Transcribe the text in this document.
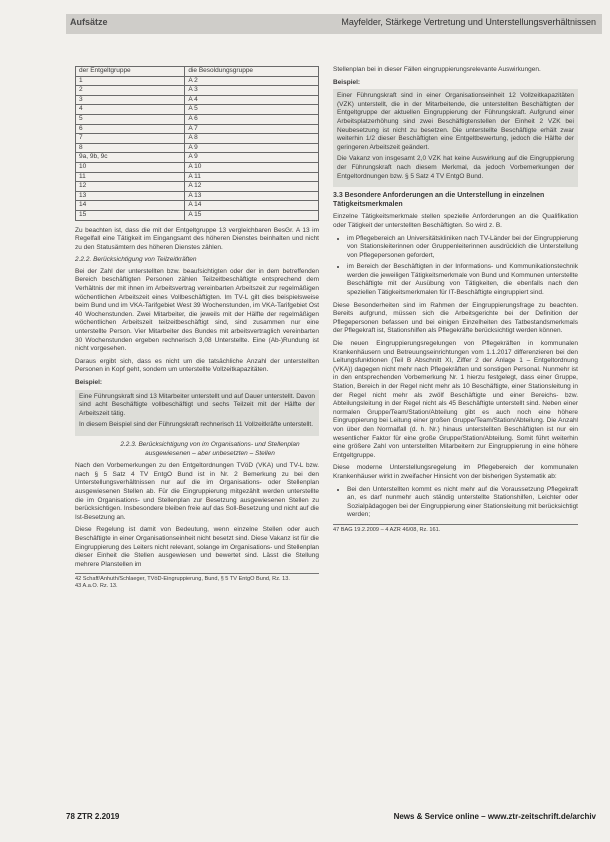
Aufsätze	Mayfelder, Stärkege Vertretung und Unterstellungsverhältnissen
der Entgeltgruppe	die Besoldungsgruppe
1	A 2
2	A 3
3	A 4
4	A 5
5	A 6
6	A 7
7	A 8
8	A 9
9a, 9b, 9c	A 9
10	A 10
11	A 11
12	A 12
13	A 13
14	A 14
15	A 15

Zu beachten ist, dass die mit der Entgeltgruppe 13 vergleichbaren BesGr. A 13 im Regelfall eine Tätigkeit im Eingangsamt des höheren Dienstes beinhalten und nicht zu den Statusämtern des höheren Dienstes zählen.

2.2.2. Berücksichtigung von Teilzeitkräften

Bei der Zahl der unterstellten bzw. beaufsichtigten oder der in dem betreffenden Bereich beschäftigten Personen zählen Teilzeitbeschäftigte entsprechend dem Verhältnis der mit ihnen im Arbeitsvertrag vereinbarten Arbeitszeit zur regelmäßigen wöchentlichen Arbeitszeit eines Vollbeschäftigten. Im TV-L gilt dies beispielsweise beim Bund und im VKA-Tarifgebiet West 39 Wochenstunden, im VKA-Tarifgebiet Ost 40 Wochenstunden. Zwei Mitarbeiter, die jeweils mit der Hälfte der regelmäßigen wöchentlichen Arbeitszeit teilzeitbeschäftigt sind, sind zusammen nur eine unterstellte Person. Vier Mitarbeiter des Bundes mit arbeitsvertraglich vereinbarten 30 Wochenstunden ergeben rechnerisch 3,08 Unterstellte. Eine (Ab-)Rundung ist nicht vorgesehen.

Daraus ergibt sich, dass es nicht um die tatsächliche Anzahl der unterstellten Personen in Kopf geht, sondern um unterstellte Vollzeitkapazitäten.

Beispiel:

Eine Führungskraft sind 13 Mitarbeiter unterstellt und auf Dauer unterstellt. Davon sind acht Beschäftigte vollbeschäftigt und sechs Teilzeit mit der Hälfte der Arbeitszeit tätig.

In diesem Beispiel sind der Führungskraft rechnerisch 11 Vollzeitkräfte unterstellt.

2.2.3. Berücksichtigung von im Organisations- und Stellenplan ausgewiesenen – aber unbesetzten – Stellen

Nach den Vorbemerkungen zu den Entgeltordnungen TVöD (VKA) und TV-L bzw. nach § 5 Satz 4 TV EntgO Bund ist in Nr. 2 Bemerkung zu bei den Unterstellungsverhältnissen nur auf die im Organisations- oder Stellenplan ausgewiesenen Stellen ab. Für die Eingruppierung mitgezählt werden unterstellte die im Organisations- und Stellenplan zur Besetzung ausgewiesenen Stellen zu berücksichtigen. Insbesondere bleiben freie auf das Soll-Besetzung und nicht auf die Ist-Besetzung an.

Diese Regelung ist damit von Bedeutung, wenn einzelne Stellen oder auch Beschäftigte in einer Organisationseinheit nicht besetzt sind. Diese Vakanz ist für die Eingruppierung des Leiters nicht relevant, solange im Organisations- und Stellenplan dieser Einheit die Stellen ausgewiesen und bewertet sind. Lässt die Stellung mehrere Planstellen im

42 Schaff/Anhuth/Schlaeger, TVöD-Eingruppierung, Bund, § 5 TV EntgO Bund, Rz. 13.
43 A.a.O. Rz. 13.

Stellenplan bei in dieser Fällen eingruppierungsrelevante Auswirkungen.

Beispiel:

Einer Führungskraft sind in einer Organisationseinheit 12 Vollzeitkapazitäten (VZK) unterstellt, die in der Mitarbeitende, die unterstellten Beschäftigten der Entgeltgruppe der aktuellen Eingruppierung der Führungskraft. Aufgrund einer Arbeitsplatzerhöhung sind zwei Beschäftigtenstellen der Einheit 2 VZK bei Neubesetzung ist nicht zu besetzen. Die unterstellte Beschäftigte erhält zwar weiterhin 1/2 dieser Beschäftigten eine Entgeltbewertung, jedoch die Hälfte der geringeren Arbeitszeit geändert.

Die Vakanz von insgesamt 2,0 VZK hat keine Auswirkung auf die Eingruppierung der Führungskraft nach diesem Merkmal, da jedoch Vorbemerkungen der Entgeltordnungen bzw. § 5 Satz 4 TV EntgO Bund.

3.3 Besondere Anforderungen an die Unterstellung in einzelnen Tätigkeitsmerkmalen

Einzelne Tätigkeitsmerkmale stellen spezielle Anforderungen an die Qualifikation oder Tätigkeit der unterstellten Beschäftigten. So wird z. B.

• im Pflegebereich an Universitätskliniken nach TV-Länder bei der Eingruppierung von Stationsleiterinnen oder Gruppenleiterinnen ausdrücklich die Unterstellung von Pflegepersonen gefordert,
• im Bereich der Beschäftigten in der Informations- und Kommunikationstechnik werden die jeweiligen Tätigkeitsmerkmale von Bund und Kommunen unterstellte Beschäftigte mit der Ausübung von Tätigkeiten, die ebenfalls nach den speziellen Tätigkeitsmerkmalen für IT-Beschäftigte eingruppiert sind.

Diese Besonderheiten sind im Rahmen der Eingruppierungsfrage zu beachten. Bereits aufgrund, müssen sich die Arbeitsgerichte bei der Definition der Pflegepersonen befassen und bei einigen Einzelheiten des Tatbestandsmerkmals der Pflegekraft ist, Stationshilfen als Pflegekräfte berücksichtigt werden können.

Die neuen Eingruppierungsregelungen von Pflegekräften in kommunalen Krankenhäusern und Betreuungseinrichtungen vom 1.1.2017 differenzieren bei den Leitungsfunktionen (Teil B Abschnitt XI, Ziffer 2 der Anlage 1 – Entgeltordnung (VKA)) dagegen nicht mehr nach Pflegekräften und sonstigen Personal. Nunmehr ist in den entsprechenden Vorbemerkung Nr. 1 hierzu festgelegt, dass einer Gruppe, Station, Bereich in der Regel nicht mehr als 10 Beschäftigte, einer Stationsleitung in der Regel nicht mehr als zwölf Beschäftigte und einer Bereichs- bzw. Abteilungsleitung in der Regel nicht als 45 Beschäftigte unterstellt sind. Neben einer normalen Gruppe/Team/Station/Abteilung gibt es auch noch eine höhere Eingruppierung bei Leitung einer großen Gruppe/Team/Station/Abteilung. Die Anzahl von über den Normalfall (d. h. Nr.) hinaus unterstellten Beschäftigten ist nur ein wesentlicher Faktor für eine große Gruppe/Station/Abteilung. Somit führt weiterhin eine größere Zahl von unterstellten Mitarbeitern zur Eingruppierung in eine höhere Entgeltgruppe.

Diese moderne Unterstellungsregelung im Pflegebereich der kommunalen Krankenhäuser wirkt in zweifacher Hinsicht von der bisherigen Systematik ab:

• Bei den Unterstellten kommt es nicht mehr auf die Voraussetzung Pflegekraft an, es darf nunmehr auch ständig unterstellte Stationshilfen, Leichter oder Sozialpädagogen bei der Eingruppierung einer Stationsleitung mit berücksichtigt werden;
47 BAG 19.2.2009 – 4 AZR 46/08, Rz. 161.
78 ZTR 2.2019	News & Service online – www.ztr-zeitschrift.de/archiv
